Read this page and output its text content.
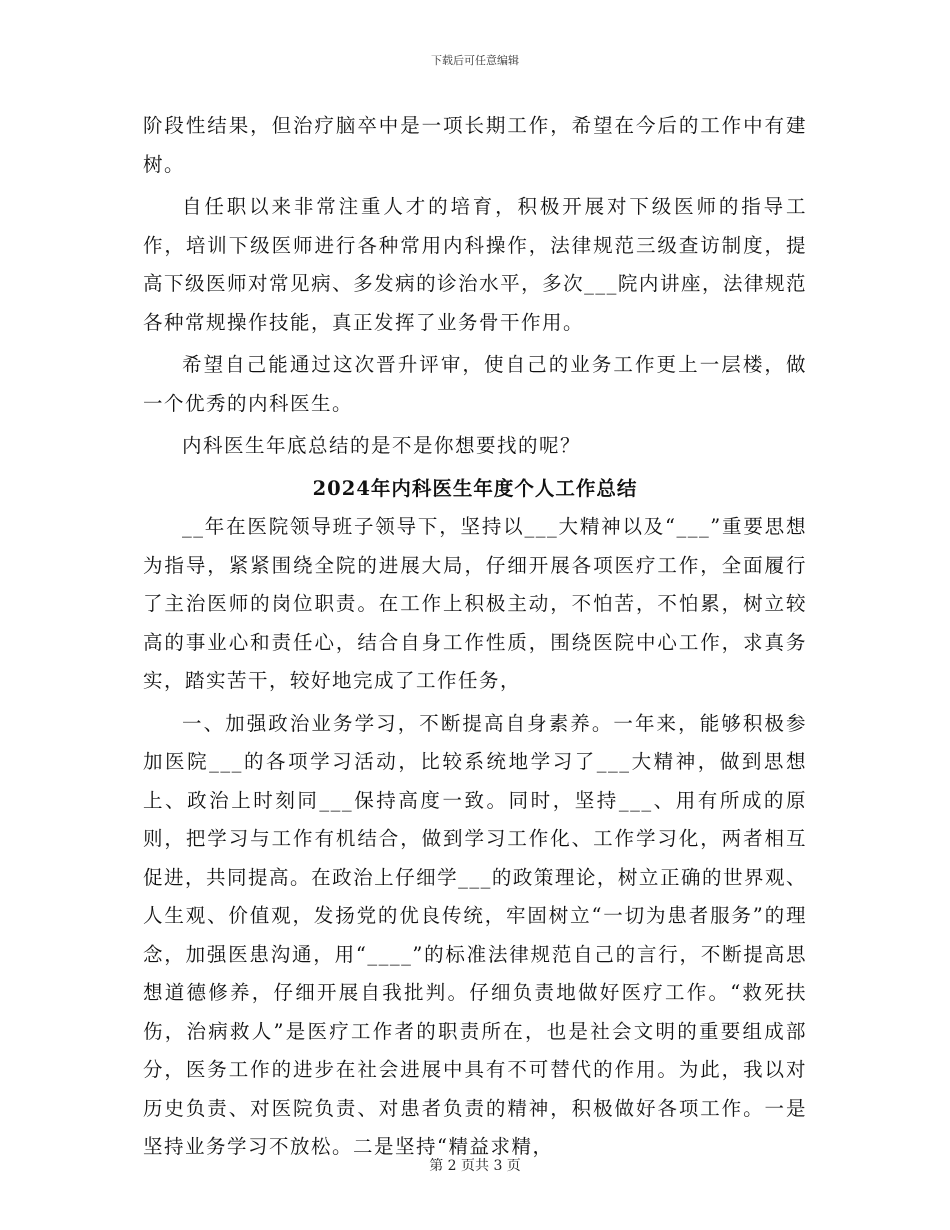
下载后可任意编辑

阶段性结果，但治疗脑卒中是一项长期工作，希望在今后的工作中有建树。

自任职以来非常注重人才的培育，积极开展对下级医师的指导工作，培训下级医师进行各种常用内科操作，法律规范三级查访制度，提高下级医师对常见病、多发病的诊治水平，多次___院内讲座，法律规范各种常规操作技能，真正发挥了业务骨干作用。

希望自己能通过这次晋升评审，使自己的业务工作更上一层楼，做一个优秀的内科医生。

内科医生年底总结的是不是你想要找的呢？

2024年内科医生年度个人工作总结

__年在医院领导班子领导下，坚持以___大精神以及“___”重要思想为指导，紧紧围绕全院的进展大局，仔细开展各项医疗工作，全面履行了主治医师的岗位职责。在工作上积极主动，不怕苦，不怕累，树立较高的事业心和责任心，结合自身工作性质，围绕医院中心工作，求真务实，踏实苦干，较好地完成了工作任务，

一、加强政治业务学习，不断提高自身素养。一年来，能够积极参加医院___的各项学习活动，比较系统地学习了___大精神，做到思想上、政治上时刻同___保持高度一致。同时，坚持___、用有所成的原则，把学习与工作有机结合，做到学习工作化、工作学习化，两者相互促进，共同提高。在政治上仔细学___的政策理论，树立正确的世界观、人生观、价值观，发扬党的优良传统，牢固树立“一切为患者服务”的理念，加强医患沟通，用“____”的标准法律规范自己的言行，不断提高思想道德修养，仔细开展自我批判。仔细负责地做好医疗工作。“救死扶伤，治病救人”是医疗工作者的职责所在，也是社会文明的重要组成部分，医务工作的进步在社会进展中具有不可替代的作用。为此，我以对历史负责、对医院负责、对患者负责的精神，积极做好各项工作。一是坚持业务学习不放松。二是坚持“精益求精，

第 2 页共 3 页
